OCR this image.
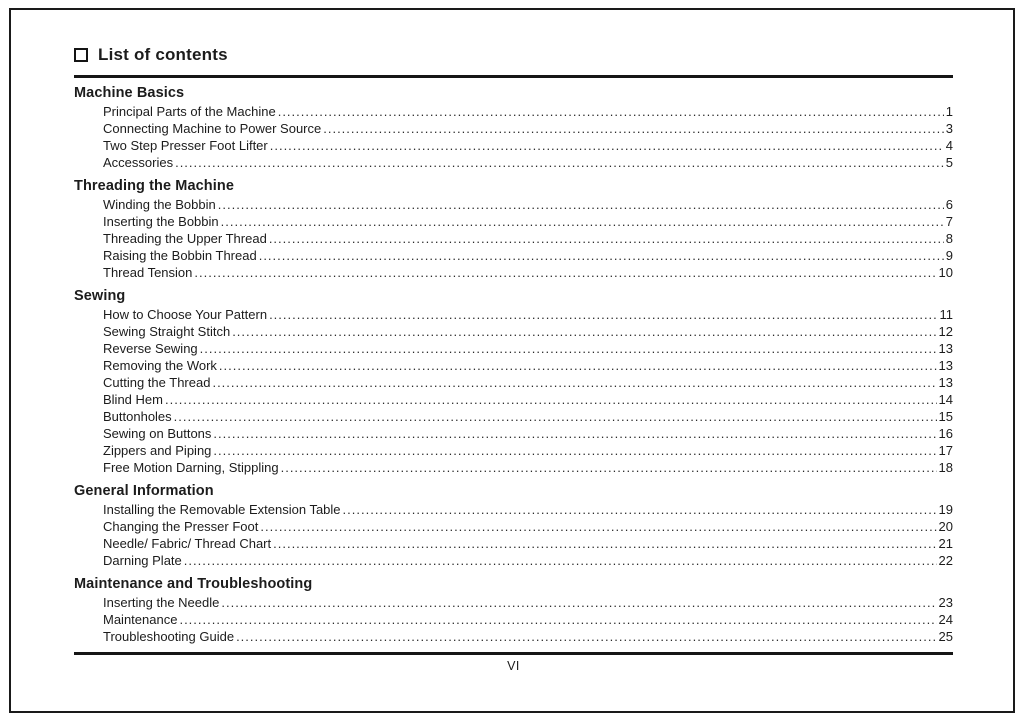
List of contents
Machine Basics
Principal Parts of the Machine .....	1
Connecting Machine to Power Source .....	3
Two Step Presser Foot Lifter .....	4
Accessories .....	5
Threading the Machine
Winding the Bobbin .....	6
Inserting the Bobbin .....	7
Threading the Upper Thread .....	8
Raising the Bobbin Thread .....	9
Thread Tension .....	10
Sewing
How to Choose Your Pattern .....	11
Sewing Straight Stitch .....	12
Reverse Sewing .....	13
Removing the Work .....	13
Cutting the Thread .....	13
Blind Hem .....	14
Buttonholes .....	15
Sewing on Buttons .....	16
Zippers and Piping .....	17
Free Motion Darning, Stippling .....	18
General Information
Installing the Removable Extension Table .....	19
Changing the Presser Foot .....	20
Needle/ Fabric/ Thread Chart .....	21
Darning Plate .....	22
Maintenance and Troubleshooting
Inserting the Needle .....	23
Maintenance .....	24
Troubleshooting Guide .....	25
VI
